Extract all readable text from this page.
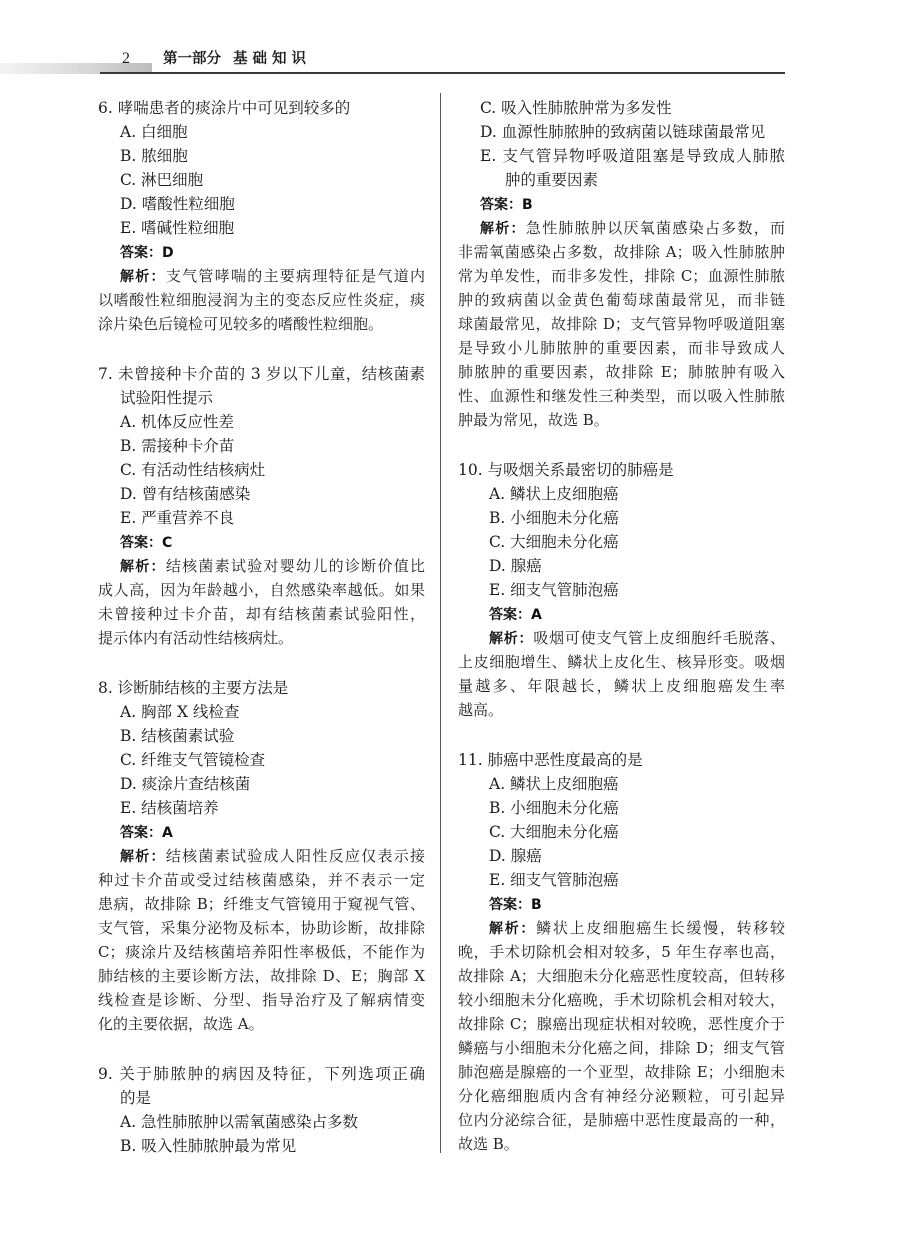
2 第一部分 基础知识
6. 哮喘患者的痰涂片中可见到较多的
A. 白细胞
B. 脓细胞
C. 淋巴细胞
D. 嗜酸性粒细胞
E. 嗜碱性粒细胞
答案：D
解析：支气管哮喘的主要病理特征是气道内
以嗜酸性粒细胞浸润为主的变态反应性炎症，痰
涂片染色后镜检可见较多的嗜酸性粒细胞。
7. 未曾接种卡介苗的 3 岁以下儿童，结核菌素
试验阳性提示
A. 机体反应性差
B. 需接种卡介苗
C. 有活动性结核病灶
D. 曾有结核菌感染
E. 严重营养不良
答案：C
解析：结核菌素试验对婴幼儿的诊断价值比
成人高，因为年龄越小，自然感染率越低。如果
未曾接种过卡介苗，却有结核菌素试验阳性，
提示体内有活动性结核病灶。
8. 诊断肺结核的主要方法是
A. 胸部 X 线检查
B. 结核菌素试验
C. 纤维支气管镜检查
D. 痰涂片查结核菌
E. 结核菌培养
答案：A
解析：结核菌素试验成人阳性反应仅表示接
种过卡介苗或受过结核菌感染，并不表示一定
患病，故排除 B；纤维支气管镜用于窥视气管、
支气管，采集分泌物及标本，协助诊断，故排除
C；痰涂片及结核菌培养阳性率极低，不能作为
肺结核的主要诊断方法，故排除 D、E；胸部 X
线检查是诊断、分型、指导治疗及了解病情变
化的主要依据，故选 A。
9. 关于肺脓肿的病因及特征，下列选项正确
的是
A. 急性肺脓肿以需氧菌感染占多数
B. 吸入性肺脓肿最为常见
C. 吸入性肺脓肿常为多发性
D. 血源性肺脓肿的致病菌以链球菌最常见
E. 支气管异物呼吸道阻塞是导致成人肺脓
肿的重要因素
答案：B
解析：急性肺脓肿以厌氧菌感染占多数，而
非需氧菌感染占多数，故排除 A；吸入性肺脓肿
常为单发性，而非多发性，排除 C；血源性肺脓
肿的致病菌以金黄色葡萄球菌最常见，而非链
球菌最常见，故排除 D；支气管异物呼吸道阻塞
是导致小儿肺脓肿的重要因素，而非导致成人
肺脓肿的重要因素，故排除 E；肺脓肿有吸入
性、血源性和继发性三种类型，而以吸入性肺脓
肿最为常见，故选 B。
10. 与吸烟关系最密切的肺癌是
A. 鳞状上皮细胞癌
B. 小细胞未分化癌
C. 大细胞未分化癌
D. 腺癌
E. 细支气管肺泡癌
答案：A
解析：吸烟可使支气管上皮细胞纤毛脱落、
上皮细胞增生、鳞状上皮化生、核异形变。吸烟
量越多、年限越长，鳞状上皮细胞癌发生率
越高。
11. 肺癌中恶性度最高的是
A. 鳞状上皮细胞癌
B. 小细胞未分化癌
C. 大细胞未分化癌
D. 腺癌
E. 细支气管肺泡癌
答案：B
解析：鳞状上皮细胞癌生长缓慢，转移较
晚，手术切除机会相对较多，5 年生存率也高，
故排除 A；大细胞未分化癌恶性度较高，但转移
较小细胞未分化癌晚，手术切除机会相对较大，
故排除 C；腺癌出现症状相对较晚，恶性度介于
鳞癌与小细胞未分化癌之间，排除 D；细支气管
肺泡癌是腺癌的一个亚型，故排除 E；小细胞未
分化癌细胞质内含有神经分泌颗粒，可引起异
位内分泌综合征，是肺癌中恶性度最高的一种，
故选 B。
